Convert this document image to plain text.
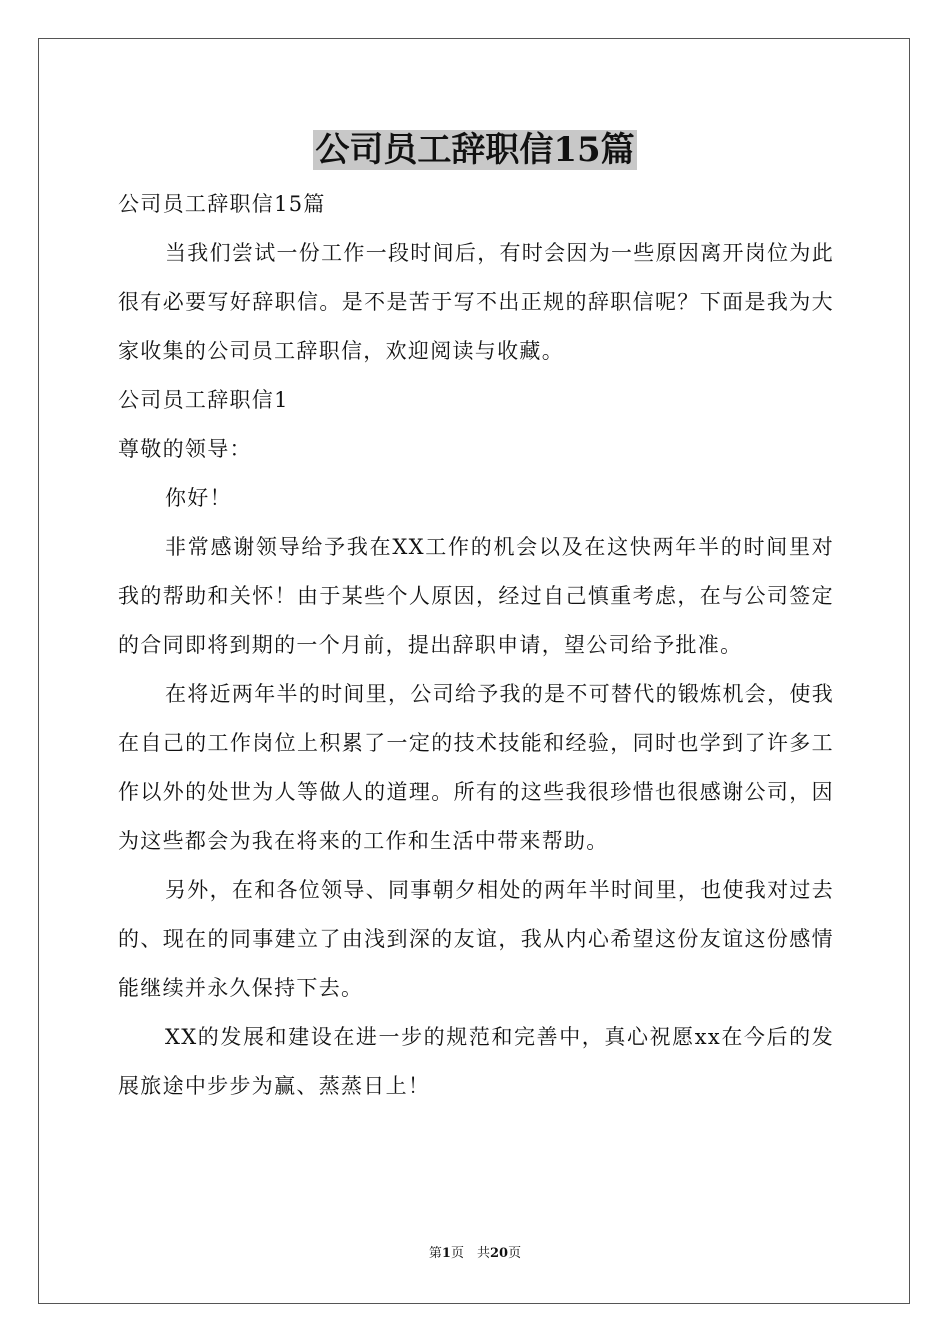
公司员工辞职信15篇

公司员工辞职信15篇

当我们尝试一份工作一段时间后，有时会因为一些原因离开岗位为此很有必要写好辞职信。是不是苦于写不出正规的辞职信呢？下面是我为大家收集的公司员工辞职信，欢迎阅读与收藏。

公司员工辞职信1

尊敬的领导：

你好！

非常感谢领导给予我在XX工作的机会以及在这快两年半的时间里对我的帮助和关怀！由于某些个人原因，经过自己慎重考虑，在与公司签定的合同即将到期的一个月前，提出辞职申请，望公司给予批准。

在将近两年半的时间里，公司给予我的是不可替代的锻炼机会，使我在自己的工作岗位上积累了一定的技术技能和经验，同时也学到了许多工作以外的处世为人等做人的道理。所有的这些我很珍惜也很感谢公司，因为这些都会为我在将来的工作和生活中带来帮助。

另外，在和各位领导、同事朝夕相处的两年半时间里，也使我对过去的、现在的同事建立了由浅到深的友谊，我从内心希望这份友谊这份感情能继续并永久保持下去。

XX的发展和建设在进一步的规范和完善中，真心祝愿xx在今后的发展旅途中步步为赢、蒸蒸日上！

第1页　共20页
